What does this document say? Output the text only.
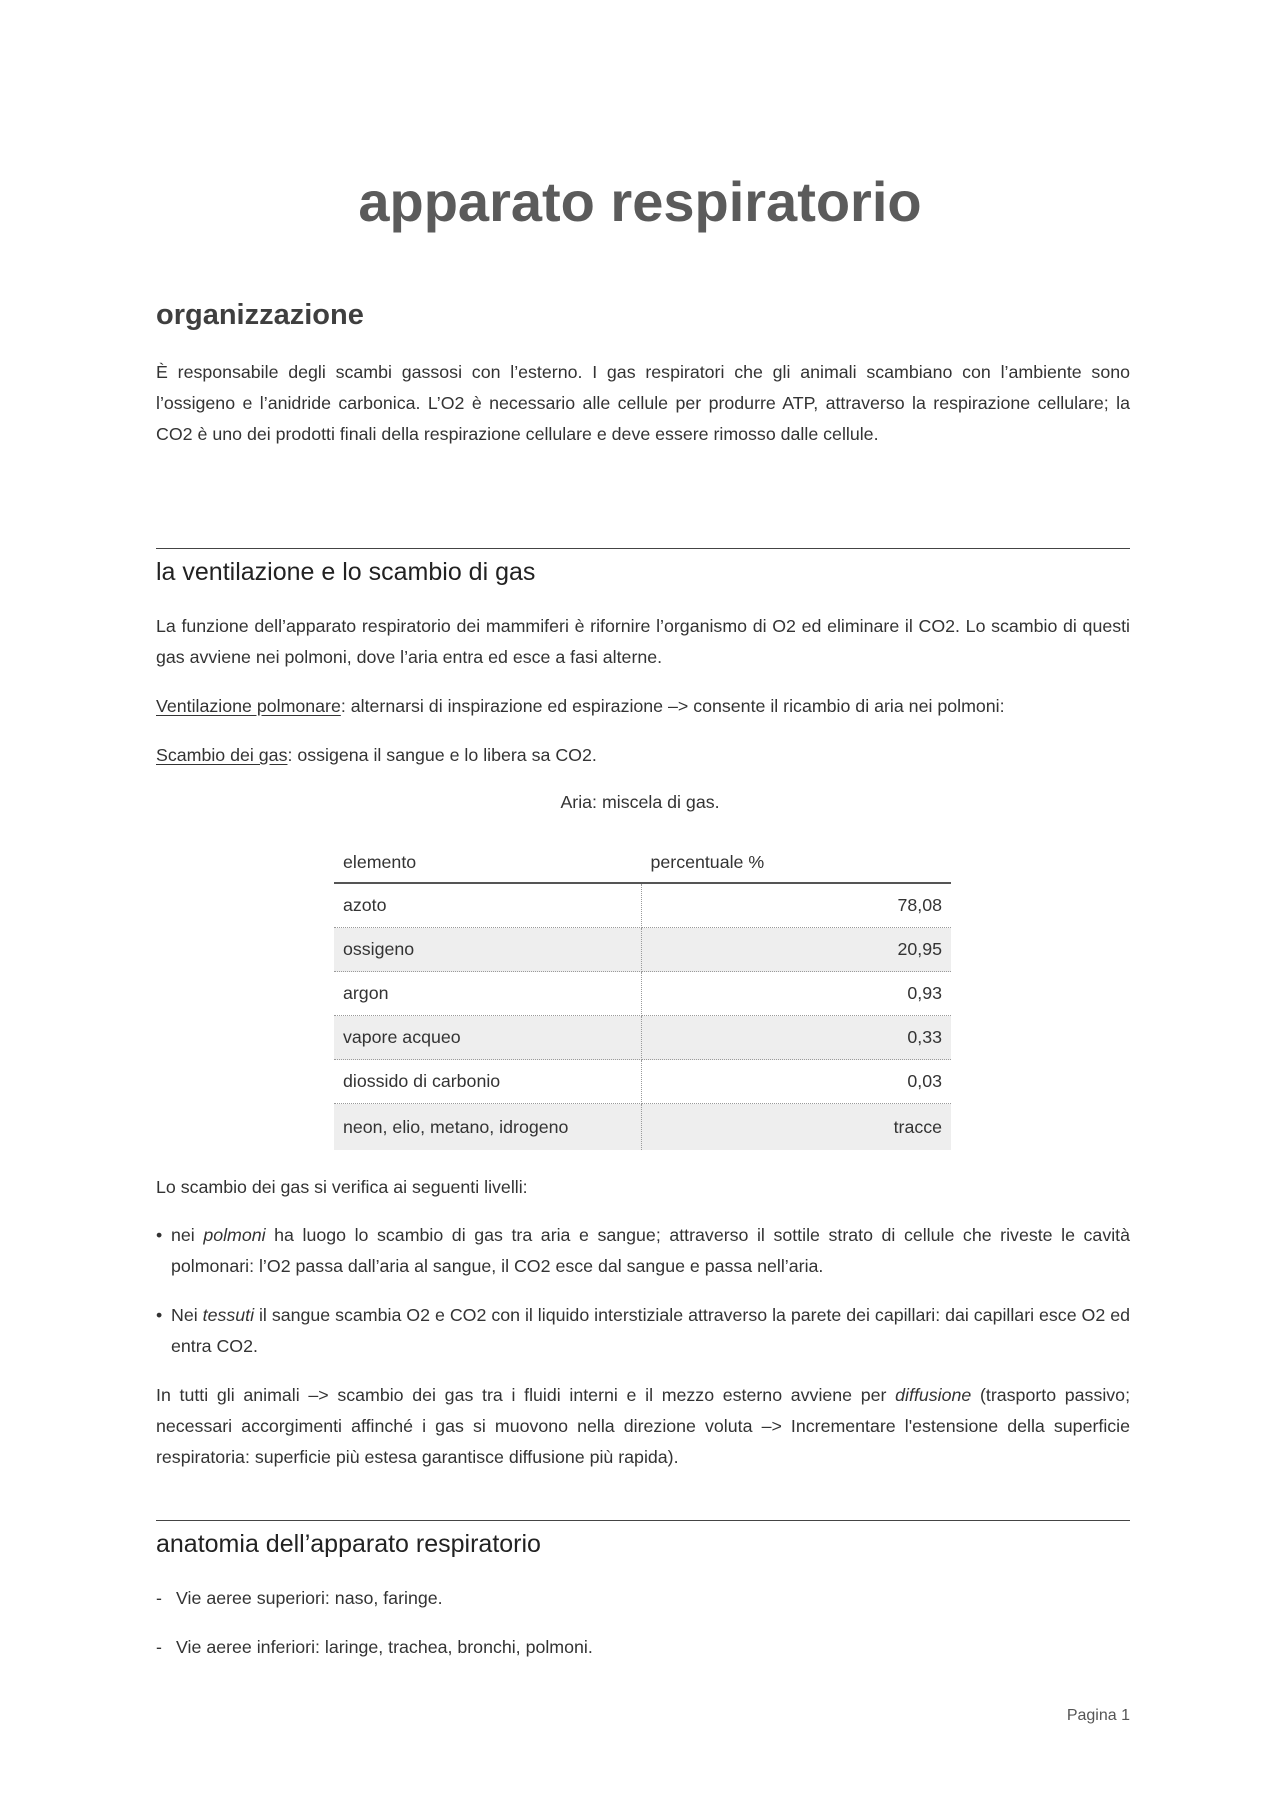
apparato respiratorio
organizzazione

È responsabile degli scambi gassosi con l’esterno. I gas respiratori che gli animali scambiano con l’ambiente sono l’ossigeno e l’anidride carbonica. L’O2 è necessario alle cellule per produrre ATP, attraverso la respirazione cellulare; la CO2 è uno dei prodotti finali della respirazione cellulare e deve essere rimosso dalle cellule.

la ventilazione e lo scambio di gas

La funzione dell’apparato respiratorio dei mammiferi è rifornire l’organismo di O2 ed eliminare il CO2. Lo scambio di questi gas avviene nei polmoni, dove l’aria entra ed esce a fasi alterne.

Ventilazione polmonare: alternarsi di inspirazione ed espirazione –> consente il ricambio di aria nei polmoni:

Scambio dei gas: ossigena il sangue e lo libera sa CO2.

Aria: miscela di gas.
elemento	percentuale %
azoto	78,08
ossigeno	20,95
argon	0,93
vapore acqueo	0,33
diossido di carbonio	0,03
neon, elio, metano, idrogeno	tracce

Lo scambio dei gas si verifica ai seguenti livelli:

• nei polmoni ha luogo lo scambio di gas tra aria e sangue; attraverso il sottile strato di cellule che riveste le cavità polmonari: l’O2 passa dall’aria al sangue, il CO2 esce dal sangue e passa nell’aria.
• Nei tessuti il sangue scambia O2 e CO2 con il liquido interstiziale attraverso la parete dei capillari: dai capillari esce O2 ed entra CO2.

In tutti gli animali –> scambio dei gas tra i fluidi interni e il mezzo esterno avviene per diffusione (trasporto passivo; necessari accorgimenti affinché i gas si muovono nella direzione voluta –> Incrementare l'estensione della superficie respiratoria: superficie più estesa garantisce diffusione più rapida).

anatomia dell’apparato respiratorio
- Vie aeree superiori: naso, faringe.
- Vie aeree inferiori: laringe, trachea, bronchi, polmoni.
Pagina 1
